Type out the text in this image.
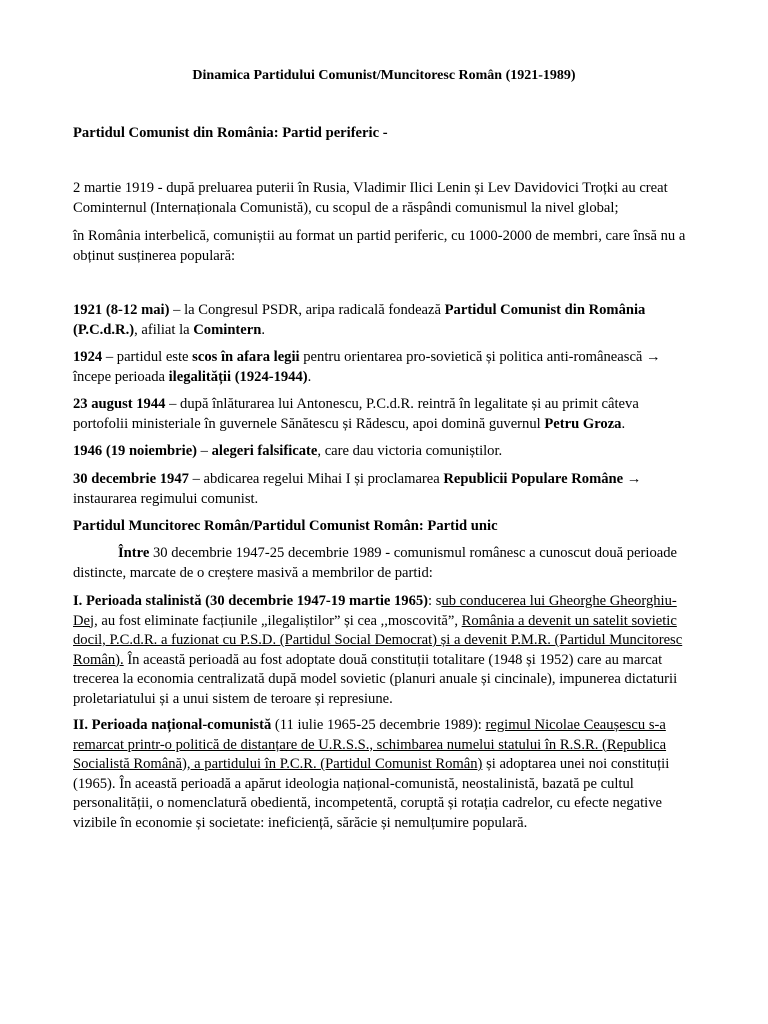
Dinamica Partidului Comunist/Muncitoresc Român (1921-1989)

Partidul Comunist din România: Partid periferic -

2 martie 1919 - după preluarea puterii în Rusia, Vladimir Ilici Lenin și Lev Davidovici Troțki au creat Cominternul (Internaționala Comunistă), cu scopul de a răspândi comunismul la nivel global;

în România interbelică, comuniștii au format un partid periferic, cu 1000-2000 de membri, care însă nu a obținut susținerea populară:

1921 (8-12 mai) – la Congresul PSDR, aripa radicală fondează Partidul Comunist din România (P.C.d.R.), afiliat la Comintern.

1924 – partidul este scos în afara legii pentru orientarea pro-sovietică și politica anti-românească → începe perioada ilegalității (1924-1944).

23 august 1944 – după înlăturarea lui Antonescu, P.C.d.R. reintră în legalitate și au primit câteva portofolii ministeriale în guvernele Sănătescu și Rădescu, apoi domină guvernul Petru Groza.

1946 (19 noiembrie) – alegeri falsificate, care dau victoria comuniștilor.

30 decembrie 1947 – abdicarea regelui Mihai I și proclamarea Republicii Populare Române → instaurarea regimului comunist.

Partidul Muncitorec Român/Partidul Comunist Român: Partid unic

Între 30 decembrie 1947-25 decembrie 1989 - comunismul românesc a cunoscut două perioade distincte, marcate de o creștere masivă a membrilor de partid:

I. Perioada stalinistă (30 decembrie 1947-19 martie 1965): sub conducerea lui Gheorghe Gheorghiu-Dej, au fost eliminate facțiunile „ilegaliștilor” și cea ,,moscovită”, România a devenit un satelit sovietic docil, P.C.d.R. a fuzionat cu P.S.D. (Partidul Social Democrat) și a devenit P.M.R. (Partidul Muncitoresc Român). În această perioadă au fost adoptate două constituții totalitare (1948 și 1952) care au marcat trecerea la economia centralizată după model sovietic (planuri anuale și cincinale), impunerea dictaturii proletariatului și a unui sistem de teroare și represiune.

II. Perioada național-comunistă (11 iulie 1965-25 decembrie 1989): regimul Nicolae Ceaușescu s-a remarcat printr-o politică de distanțare de U.R.S.S., schimbarea numelui statului în R.S.R. (Republica Socialistă Română), a partidului în P.C.R. (Partidul Comunist Român) și adoptarea unei noi constituții (1965). În această perioadă a apărut ideologia național-comunistă, neostalinistă, bazată pe cultul personalității, o nomenclatură obedientă, incompetentă, coruptă și rotația cadrelor, cu efecte negative vizibile în economie și societate: ineficiență, sărăcie și nemulțumire populară.
